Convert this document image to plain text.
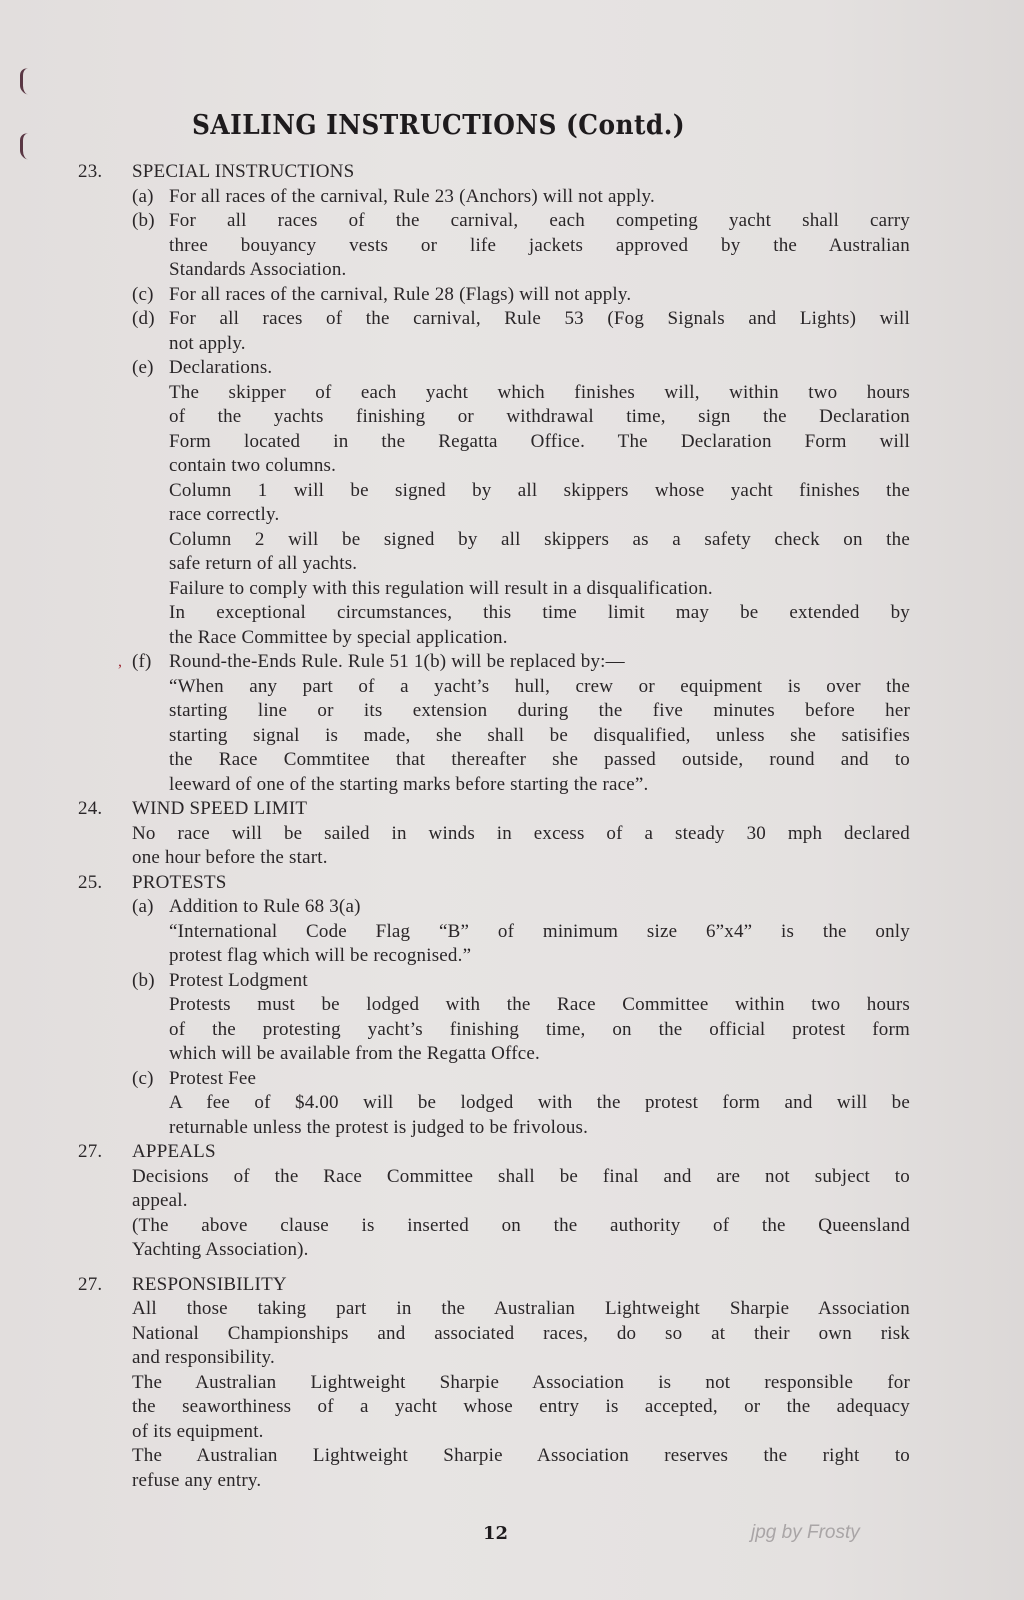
SAILING INSTRUCTIONS (Contd.)
23. SPECIAL INSTRUCTIONS
(a) For all races of the carnival, Rule 23 (Anchors) will not apply.
(b) For all races of the carnival, each competing yacht shall carry
three bouyancy vests or life jackets approved by the Australian
Standards Association.
(c) For all races of the carnival, Rule 28 (Flags) will not apply.
(d) For all races of the carnival, Rule 53 (Fog Signals and Lights) will
not apply.
(e) Declarations.
The skipper of each yacht which finishes will, within two hours
of the yachts finishing or withdrawal time, sign the Declaration
Form located in the Regatta Office. The Declaration Form will
contain two columns.
Column 1 will be signed by all skippers whose yacht finishes the
race correctly.
Column 2 will be signed by all skippers as a safety check on the
safe return of all yachts.
Failure to comply with this regulation will result in a disqualification.
In exceptional circumstances, this time limit may be extended by
the Race Committee by special application.
, (f) Round-the-Ends Rule. Rule 51 1(b) will be replaced by:—
“When any part of a yacht’s hull, crew or equipment is over the
starting line or its extension during the five minutes before her
starting signal is made, she shall be disqualified, unless she satisifies
the Race Commtitee that thereafter she passed outside, round and to
leeward of one of the starting marks before starting the race”.
24. WIND SPEED LIMIT
No race will be sailed in winds in excess of a steady 30 mph declared
one hour before the start.
25. PROTESTS
(a) Addition to Rule 68 3(a)
“International Code Flag “B” of minimum size 6”x4” is the only
protest flag which will be recognised.”
(b) Protest Lodgment
Protests must be lodged with the Race Committee within two hours
of the protesting yacht’s finishing time, on the official protest form
which will be available from the Regatta Offce.
(c) Protest Fee
A fee of $4.00 will be lodged with the protest form and will be
returnable unless the protest is judged to be frivolous.
27. APPEALS
Decisions of the Race Committee shall be final and are not subject to
appeal.
(The above clause is inserted on the authority of the Queensland
Yachting Association).
27. RESPONSIBILITY
All those taking part in the Australian Lightweight Sharpie Association
National Championships and associated races, do so at their own risk
and responsibility.
The Australian Lightweight Sharpie Association is not responsible for
the seaworthiness of a yacht whose entry is accepted, or the adequacy
of its equipment.
The Australian Lightweight Sharpie Association reserves the right to
refuse any entry.
12	jpg by Frosty
